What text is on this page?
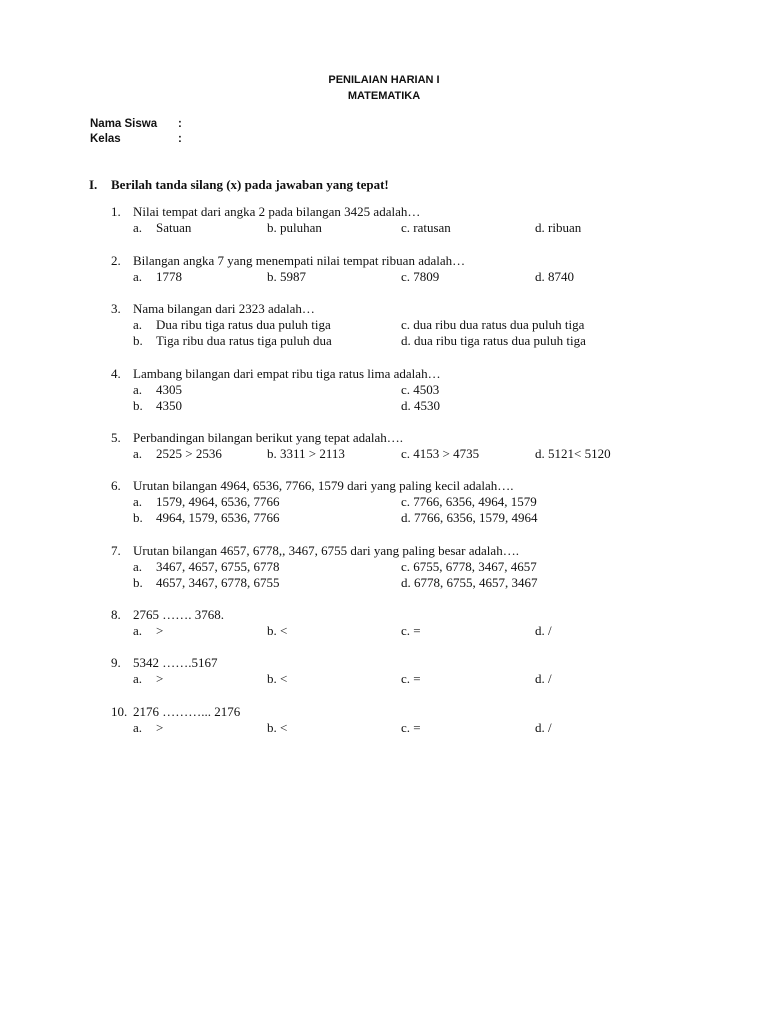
PENILAIAN HARIAN I
MATEMATIKA
Nama Siswa :
Kelas	:
I. Berilah tanda silang (x) pada jawaban yang tepat!
1. Nilai tempat dari angka 2 pada bilangan 3425 adalah…
a. Satuan	b. puluhan	c. ratusan	d. ribuan
2. Bilangan angka 7 yang menempati nilai tempat ribuan adalah…
a. 1778	b. 5987	c. 7809	d. 8740
3. Nama bilangan dari 2323 adalah…
a. Dua ribu tiga ratus dua puluh tiga	c. dua ribu dua ratus dua puluh tiga
b. Tiga ribu dua ratus tiga puluh dua	d. dua ribu tiga ratus dua puluh tiga
4. Lambang bilangan dari empat ribu tiga ratus lima adalah…
a. 4305	c. 4503
b. 4350	d. 4530
5. Perbandingan bilangan berikut yang tepat adalah….
a. 2525 > 2536	b. 3311 > 2113	c. 4153 > 4735	d. 5121< 5120
6. Urutan bilangan 4964, 6536, 7766, 1579 dari yang paling kecil adalah….
a. 1579, 4964, 6536, 7766	c. 7766, 6356, 4964, 1579
b. 4964, 1579, 6536, 7766	d. 7766, 6356, 1579, 4964
7. Urutan bilangan 4657, 6778,, 3467, 6755 dari yang paling besar adalah….
a. 3467, 4657, 6755, 6778	c. 6755, 6778, 3467, 4657
b. 4657, 3467, 6778, 6755	d. 6778, 6755, 4657, 3467
8. 2765 ……. 3768.
a. >	b. <	c. =	d. /
9. 5342 …….5167
a. >	b. <	c. =	d. /
10. 2176 ………... 2176
a. >	b. <	c. =	d. /
